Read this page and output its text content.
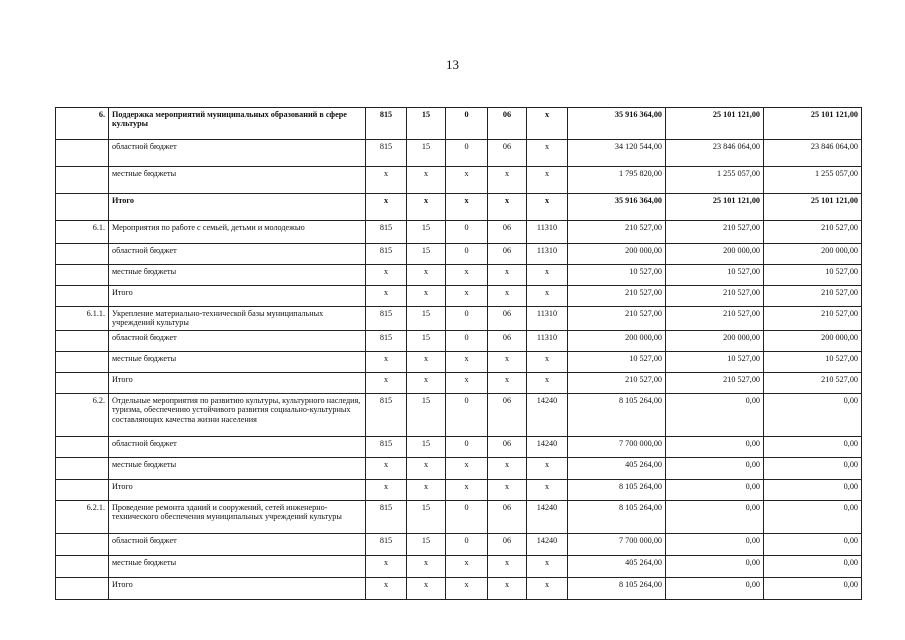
13
6.	Поддержка мероприятий муниципальных образований в сфере культуры	815	15	0	06	x	35 916 364,00	25 101 121,00	25 101 121,00
	областной бюджет	815	15	0	06	x	34 120 544,00	23 846 064,00	23 846 064,00
	местные бюджеты	x	x	x	x	x	1 795 820,00	1 255 057,00	1 255 057,00
	Итого	x	x	x	x	x	35 916 364,00	25 101 121,00	25 101 121,00
6.1.	Мероприятия по работе с семьей, детьми и молодежью	815	15	0	06	11310	210 527,00	210 527,00	210 527,00
	областной бюджет	815	15	0	06	11310	200 000,00	200 000,00	200 000,00
	местные бюджеты	x	x	x	x	x	10 527,00	10 527,00	10 527,00
	Итого	x	x	x	x	x	210 527,00	210 527,00	210 527,00
6.1.1.	Укрепление материально-технической базы муниципальных учреждений культуры	815	15	0	06	11310	210 527,00	210 527,00	210 527,00
	областной бюджет	815	15	0	06	11310	200 000,00	200 000,00	200 000,00
	местные бюджеты	x	x	x	x	x	10 527,00	10 527,00	10 527,00
	Итого	x	x	x	x	x	210 527,00	210 527,00	210 527,00
6.2.	Отдельные мероприятия по развитию культуры, культурного наследия, туризма, обеспечению устойчивого развития социально-культурных составляющих качества жизни населения	815	15	0	06	14240	8 105 264,00	0,00	0,00
	областной бюджет	815	15	0	06	14240	7 700 000,00	0,00	0,00
	местные бюджеты	x	x	x	x	x	405 264,00	0,00	0,00
	Итого	x	x	x	x	x	8 105 264,00	0,00	0,00
6.2.1.	Проведение ремонта зданий и сооружений, сетей инженерно-технического обеспечения муниципальных учреждений культуры	815	15	0	06	14240	8 105 264,00	0,00	0,00
	областной бюджет	815	15	0	06	14240	7 700 000,00	0,00	0,00
	местные бюджеты	x	x	x	x	x	405 264,00	0,00	0,00
	Итого	x	x	x	x	x	8 105 264,00	0,00	0,00
